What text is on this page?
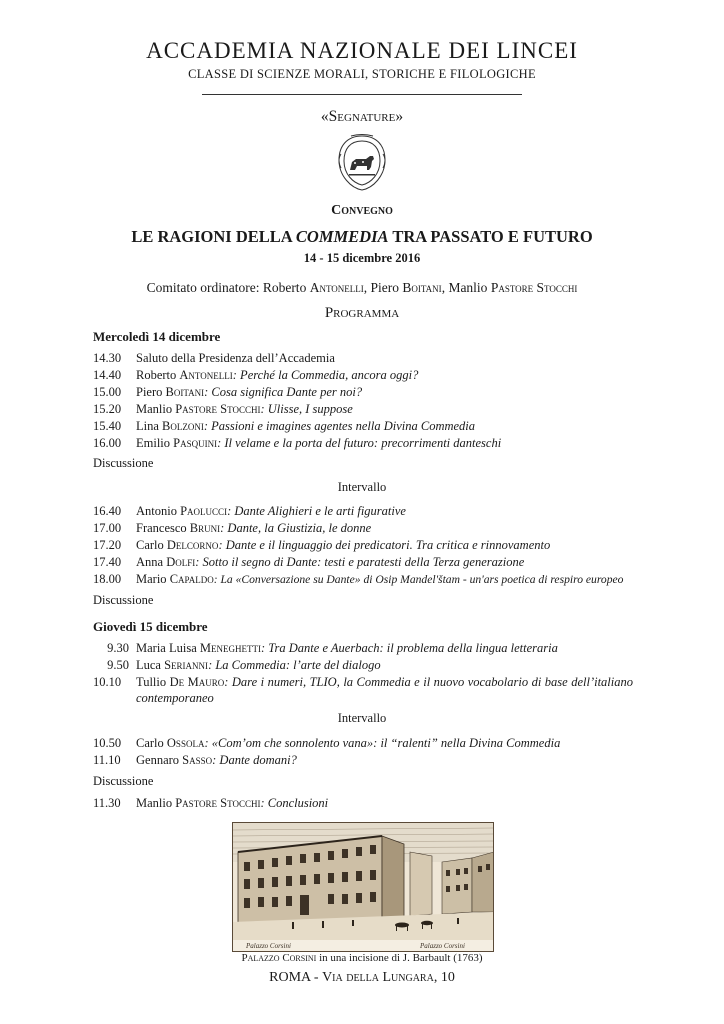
ACCADEMIA NAZIONALE DEI LINCEI
CLASSE DI SCIENZE MORALI, STORICHE E FILOLOGICHE
«Segnature»
Convegno
LE RAGIONI DELLA COMMEDIA TRA PASSATO E FUTURO
14 - 15 dicembre 2016
Comitato ordinatore: Roberto Antonelli, Piero Boitani, Manlio Pastore Stocchi
Programma
Mercoledì 14 dicembre
14.30 Saluto della Presidenza dell’Accademia
14.40 Roberto Antonelli: Perché la Commedia, ancora oggi?
15.00 Piero Boitani: Cosa significa Dante per noi?
15.20 Manlio Pastore Stocchi: Ulisse, I suppose
15.40 Lina Bolzoni: Passioni e imagines agentes nella Divina Commedia
16.00 Emilio Pasquini: Il velame e la porta del futuro: precorrimenti danteschi
Discussione
Intervallo
16.40 Antonio Paolucci: Dante Alighieri e le arti figurative
17.00 Francesco Bruni: Dante, la Giustizia, le donne
17.20 Carlo Delcorno: Dante e il linguaggio dei predicatori. Tra critica e rinnovamento
17.40 Anna Dolfi: Sotto il segno di Dante: testi e paratesti della Terza generazione
18.00 Mario Capaldo: La «Conversazione su Dante» di Osip Mandel'štam - un'ars poetica di respiro europeo
Discussione
Giovedì 15 dicembre
9.30 Maria Luisa Meneghetti: Tra Dante e Auerbach: il problema della lingua letteraria
9.50 Luca Serianni: La Commedia: l’arte del dialogo
10.10	Tullio De Mauro: Dare i numeri, TLIO, la Commedia e il nuovo vocabolario di base dell’italiano contemporaneo
Intervallo
10.50 Carlo Ossola: «Com’om che sonnolento vana»: il “ralenti” nella Divina Commedia
11.10 Gennaro Sasso: Dante domani?
Discussione
11.30 Manlio Pastore Stocchi: Conclusioni
Palazzo Corsini	Palazzo Corsini
Palazzo Corsini in una incisione di J. Barbault (1763)
ROMA - Via della Lungara, 10
